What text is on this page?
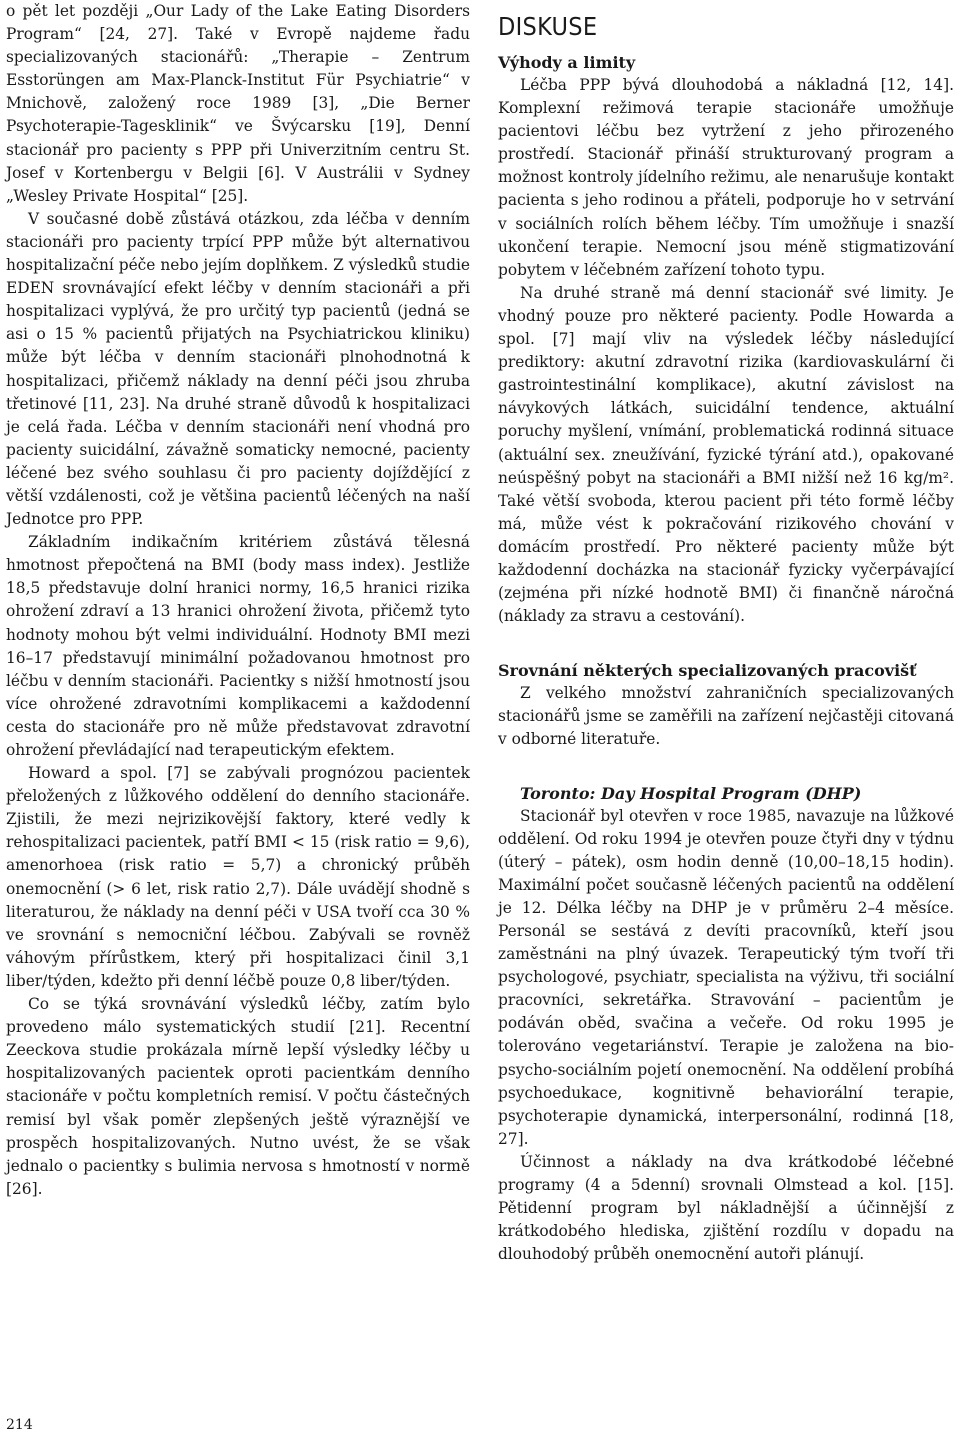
o pět let později „Our Lady of the Lake Eating Disorders Program“ [24, 27]. Také v Evropě najdeme řadu specializovaných stacionářů: „Therapie – Zentrum Esstorüngen am Max-Planck-Institut Für Psychiatrie“ v Mnichově, založený roce 1989 [3], „Die Berner Psychoterapie-Tagesklinik“ ve Švýcarsku [19], Denní stacionář pro pacienty s PPP při Univerzitním centru St. Josef v Kortenbergu v Belgii [6]. V Austrálii v Sydney „Wesley Private Hospital“ [25].

V současné době zůstává otázkou, zda léčba v denním stacionáři pro pacienty trpící PPP může být alternativou hospitalizační péče nebo jejím doplňkem. Z výsledků studie EDEN srovnávající efekt léčby v denním stacionáři a při hospitalizaci vyplývá, že pro určitý typ pacientů (jedná se asi o 15 % pacientů přijatých na Psychiatrickou kliniku) může být léčba v denním stacionáři plnohodnotná k hospitalizaci, přičemž náklady na denní péči jsou zhruba třetinové [11, 23]. Na druhé straně důvodů k hospitalizaci je celá řada. Léčba v denním stacionáři není vhodná pro pacienty suicidální, závažně somaticky nemocné, pacienty léčené bez svého souhlasu či pro pacienty dojíždějící z větší vzdálenosti, což je většina pacientů léčených na naší Jednotce pro PPP.

Základním indikačním kritériem zůstává tělesná hmotnost přepočtená na BMI (body mass index). Jestliže 18,5 představuje dolní hranici normy, 16,5 hranici rizika ohrožení zdraví a 13 hranici ohrožení života, přičemž tyto hodnoty mohou být velmi individuální. Hodnoty BMI mezi 16–17 představují minimální požadovanou hmotnost pro léčbu v denním stacionáři. Pacientky s nižší hmotností jsou více ohrožené zdravotními komplikacemi a každodenní cesta do stacionáře pro ně může představovat zdravotní ohrožení převládající nad terapeutickým efektem.

Howard a spol. [7] se zabývali prognózou pacientek přeložených z lůžkového oddělení do denního stacionáře. Zjistili, že mezi nejrizikovější faktory, které vedly k rehospitalizaci pacientek, patří BMI < 15 (risk ratio = 9,6), amenorhoea (risk ratio = 5,7) a chronický průběh onemocnění (> 6 let, risk ratio 2,7). Dále uvádějí shodně s literaturou, že náklady na denní péči v USA tvoří cca 30 % ve srovnání s nemocniční léčbou. Zabývali se rovněž váhovým přírůstkem, který při hospitalizaci činil 3,1 liber/týden, kdežto při denní léčbě pouze 0,8 liber/týden.

Co se týká srovnávání výsledků léčby, zatím bylo provedeno málo systematických studií [21]. Recentní Zeeckova studie prokázala mírně lepší výsledky léčby u hospitalizovaných pacientek oproti pacientkám denního stacionáře v počtu kompletních remisí. V počtu částečných remisí byl však poměr zlepšených ještě výraznější ve prospěch hospitalizovaných. Nutno uvést, že se však jednalo o pacientky s bulimia nervosa s hmotností v normě [26].

DISKUSE
Výhody a limity

Léčba PPP bývá dlouhodobá a nákladná [12, 14]. Komplexní režimová terapie stacionáře umožňuje pacientovi léčbu bez vytržení z jeho přirozeného prostředí. Stacionář přináší strukturovaný program a možnost kontroly jídelního režimu, ale nenarušuje kontakt pacienta s jeho rodinou a přáteli, podporuje ho v setrvání v sociálních rolích během léčby. Tím umožňuje i snazší ukončení terapie. Nemocní jsou méně stigmatizování pobytem v léčebném zařízení tohoto typu.

Na druhé straně má denní stacionář své limity. Je vhodný pouze pro některé pacienty. Podle Howarda a spol. [7] mají vliv na výsledek léčby následující prediktory: akutní zdravotní rizika (kardiovaskulární či gastrointestinální komplikace), akutní závislost na návykových látkách, suicidální tendence, aktuální poruchy myšlení, vnímání, problematická rodinná situace (aktuální sex. zneužívání, fyzické týrání atd.), opakované neúspěšný pobyt na stacionáři a BMI nižší než 16 kg/m². Také větší svoboda, kterou pacient při této formě léčby má, může vést k pokračování rizikového chování v domácím prostředí. Pro některé pacienty může být každodenní docházka na stacionář fyzicky vyčerpávající (zejména při nízké hodnotě BMI) či finančně náročná (náklady za stravu a cestování).

Srovnání některých specializovaných pracovišť

Z velkého množství zahraničních specializovaných stacionářů jsme se zaměřili na zařízení nejčastěji citovaná v odborné literatuře.

Toronto: Day Hospital Program (DHP)

Stacionář byl otevřen v roce 1985, navazuje na lůžkové oddělení. Od roku 1994 je otevřen pouze čtyři dny v týdnu (úterý – pátek), osm hodin denně (10,00–18,15 hodin). Maximální počet současně léčených pacientů na oddělení je 12. Délka léčby na DHP je v průměru 2–4 měsíce. Personál se sestává z devíti pracovníků, kteří jsou zaměstnáni na plný úvazek. Terapeutický tým tvoří tři psychologové, psychiatr, specialista na výživu, tři sociální pracovníci, sekretářka. Stravování – pacientům je podáván oběd, svačina a večeře. Od roku 1995 je tolerováno vegetariánství. Terapie je založena na bio-psycho-sociálním pojetí onemocnění. Na oddělení probíhá psychoedukace, kognitivně behaviorální terapie, psychoterapie dynamická, interpersonální, rodinná [18, 27].

Účinnost a náklady na dva krátkodobé léčebné programy (4 a 5denní) srovnali Olmstead a kol. [15]. Pětidenní program byl nákladnější a účinnější z krátkodobého hlediska, zjištění rozdílu v dopadu na dlouhodobý průběh onemocnění autoři plánují.

214
